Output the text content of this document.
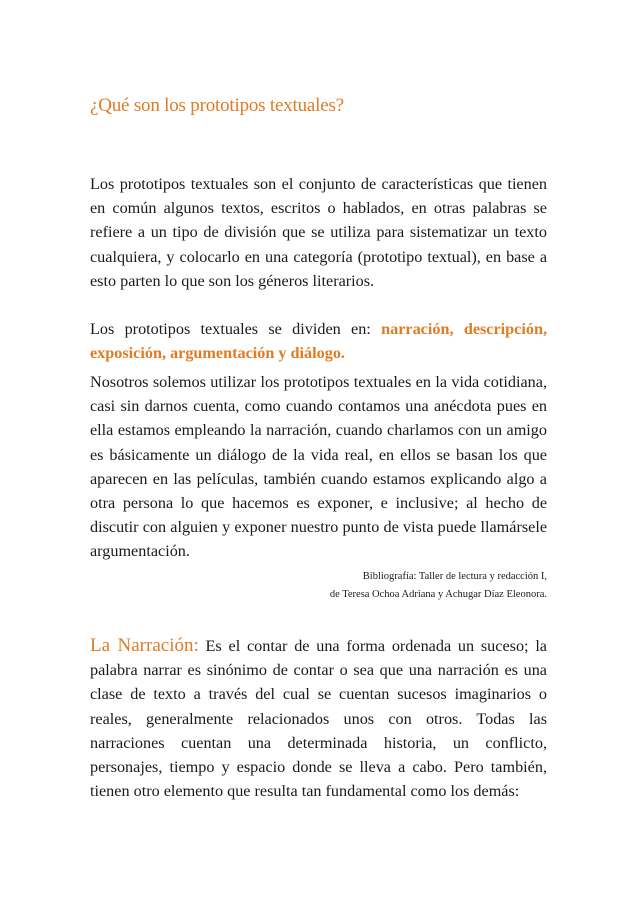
¿Qué son los prototipos textuales?

Los prototipos textuales son el conjunto de características que tienen en común algunos textos, escritos o hablados, en otras palabras se refiere a un tipo de división que se utiliza para sistematizar un texto cualquiera, y colocarlo en una categoría (prototipo textual), en base a esto parten lo que son los géneros literarios.

Los prototipos textuales se dividen en: narración, descripción, exposición, argumentación y diálogo.

Nosotros solemos utilizar los prototipos textuales en la vida cotidiana, casi sin darnos cuenta, como cuando contamos una anécdota pues en ella estamos empleando la narración, cuando charlamos con un amigo es básicamente un diálogo de la vida real, en ellos se basan los que aparecen en las películas, también cuando estamos explicando algo a otra persona lo que hacemos es exponer, e inclusive; al hecho de discutir con alguien y exponer nuestro punto de vista puede llamársele argumentación.

Bibliografía: Taller de lectura y redacción I,
de Teresa Ochoa Adriana y Achugar Díaz Eleonora.

La Narración: Es el contar de una forma ordenada un suceso; la palabra narrar es sinónimo de contar o sea que una narración es una clase de texto a través del cual se cuentan sucesos imaginarios o reales, generalmente relacionados unos con otros. Todas las narraciones cuentan una determinada historia, un conflicto, personajes, tiempo y espacio donde se lleva a cabo. Pero también, tienen otro elemento que resulta tan fundamental como los demás:
